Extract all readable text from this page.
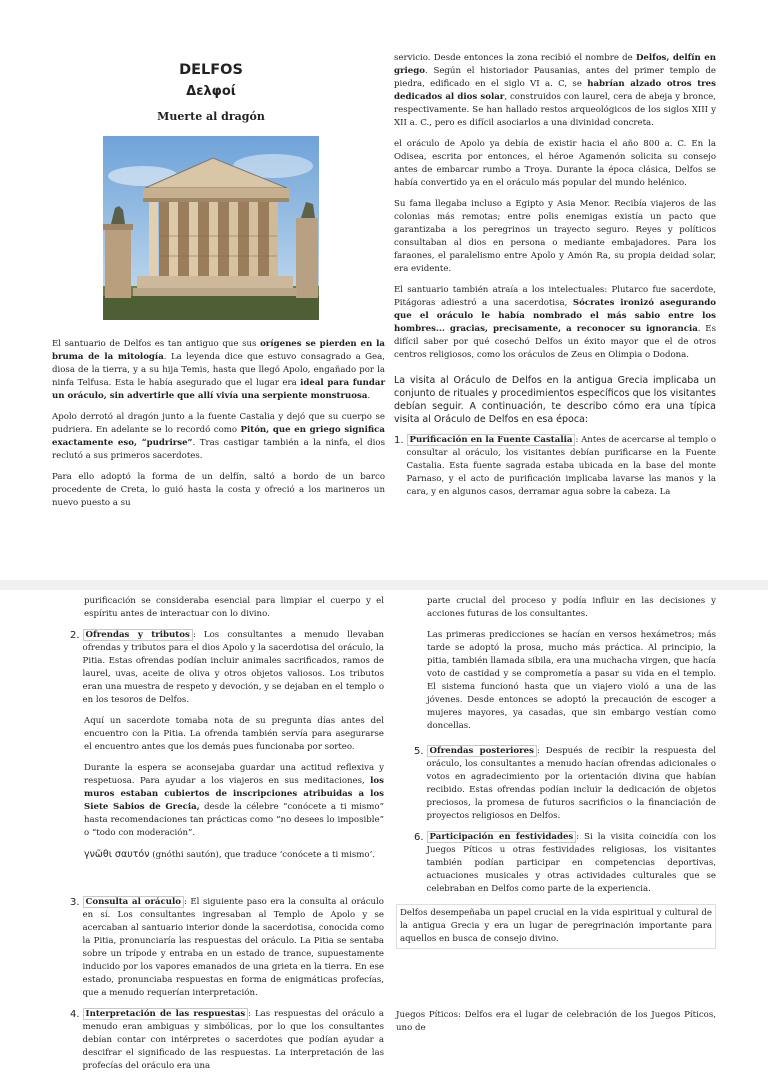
DELFOS
Δελφοί
Muerte al dragón

El santuario de Delfos es tan antiguo que sus orígenes se pierden en la bruma de la mitología. La leyenda dice que estuvo consagrado a Gea, diosa de la tierra, y a su hija Temis, hasta que llegó Apolo, engañado por la ninfa Telfusa. Esta le había asegurado que el lugar era ideal para fundar un oráculo, sin advertirle que allí vivía una serpiente monstruosa.

Apolo derrotó al dragón junto a la fuente Castalia y dejó que su cuerpo se pudriera. En adelante se lo recordó como Pitón, que en griego significa exactamente eso, “pudrirse”. Tras castigar también a la ninfa, el dios reclutó a sus primeros sacerdotes.

Para ello adoptó la forma de un delfín, saltó a bordo de un barco procedente de Creta, lo guió hasta la costa y ofreció a los marineros un nuevo puesto a su

servicio. Desde entonces la zona recibió el nombre de Delfos, delfín en griego. Según el historiador Pausanias, antes del primer templo de piedra, edificado en el siglo VI a. C, se habrían alzado otros tres dedicados al dios solar, construidos con laurel, cera de abeja y bronce, respectivamente. Se han hallado restos arqueológicos de los siglos XIII y XII a. C., pero es difícil asociarlos a una divinidad concreta.

el oráculo de Apolo ya debía de existir hacia el año 800 a. C. En la Odisea, escrita por entonces, el héroe Agamenón solicita su consejo antes de embarcar rumbo a Troya. Durante la época clásica, Delfos se había convertido ya en el oráculo más popular del mundo helénico.

Su fama llegaba incluso a Egipto y Asia Menor. Recibía viajeros de las colonias más remotas; entre polis enemigas existía un pacto que garantizaba a los peregrinos un trayecto seguro. Reyes y políticos consultaban al dios en persona o mediante embajadores. Para los faraones, el paralelismo entre Apolo y Amón Ra, su propia deidad solar, era evidente.

El santuario también atraía a los intelectuales: Plutarco fue sacerdote, Pitágoras adiestró a una sacerdotisa, Sócrates ironizó asegurando que el oráculo le había nombrado el más sabio entre los hombres... gracias, precisamente, a reconocer su ignorancia. Es difícil saber por qué cosechó Delfos un éxito mayor que el de otros centros religiosos, como los oráculos de Zeus en Olimpia o Dodona.

La visita al Oráculo de Delfos en la antigua Grecia implicaba un conjunto de rituales y procedimientos específicos que los visitantes debían seguir. A continuación, te describo cómo era una típica visita al Oráculo de Delfos en esa época:

1. Purificación en la Fuente Castalia : Antes de acercarse al templo o consultar al oráculo, los visitantes debían purificarse en la Fuente Castalia. Esta fuente sagrada estaba ubicada en la base del monte Parnaso, y el acto de purificación implicaba lavarse las manos y la cara, y en algunos casos, derramar agua sobre la cabeza. La

purificación se consideraba esencial para limpiar el cuerpo y el espíritu antes de interactuar con lo divino.

2. Ofrendas y tributos : Los consultantes a menudo llevaban ofrendas y tributos para el dios Apolo y la sacerdotisa del oráculo, la Pitia. Estas ofrendas podían incluir animales sacrificados, ramos de laurel, uvas, aceite de oliva y otros objetos valiosos. Los tributos eran una muestra de respeto y devoción, y se dejaban en el templo o en los tesoros de Delfos.

Aquí un sacerdote tomaba nota de su pregunta días antes del encuentro con la Pitia. La ofrenda también servía para asegurarse el encuentro antes que los demás pues funcionaba por sorteo.

Durante la espera se aconsejaba guardar una actitud reflexiva y respetuosa. Para ayudar a los viajeros en sus meditaciones, los muros estaban cubiertos de inscripciones atribuidas a los Siete Sabios de Grecia, desde la célebre “conócete a ti mismo” hasta recomendaciones tan prácticas como “no desees lo imposible” o “todo con moderación”.

γνῶθι σαυτόν (gnóthi sautón), que traduce ‘conócete a ti mismo’.

3. Consulta al oráculo : El siguiente paso era la consulta al oráculo en sí. Los consultantes ingresaban al Templo de Apolo y se acercaban al santuario interior donde la sacerdotisa, conocida como la Pitia, pronunciaría las respuestas del oráculo. La Pitia se sentaba sobre un trípode y entraba en un estado de trance, supuestamente inducido por los vapores emanados de una grieta en la tierra. En ese estado, pronunciaba respuestas en forma de enigmáticas profecías, que a menudo requerían interpretación.
4. Interpretación de las respuestas : Las respuestas del oráculo a menudo eran ambiguas y simbólicas, por lo que los consultantes debían contar con intérpretes o sacerdotes que podían ayudar a descifrar el significado de las respuestas. La interpretación de las profecías del oráculo era una

parte crucial del proceso y podía influir en las decisiones y acciones futuras de los consultantes.

Las primeras predicciones se hacían en versos hexámetros; más tarde se adoptó la prosa, mucho más práctica. Al principio, la pitia, también llamada sibila, era una muchacha virgen, que hacía voto de castidad y se comprometía a pasar su vida en el templo. El sistema funcionó hasta que un viajero violó a una de las jóvenes. Desde entonces se adoptó la precaución de escoger a mujeres mayores, ya casadas, que sin embargo vestían como doncellas.

5. Ofrendas posteriores : Después de recibir la respuesta del oráculo, los consultantes a menudo hacían ofrendas adicionales o votos en agradecimiento por la orientación divina que habían recibido. Estas ofrendas podían incluir la dedicación de objetos preciosos, la promesa de futuros sacrificios o la financiación de proyectos religiosos en Delfos.
6. Participación en festividades : Si la visita coincidía con los Juegos Píticos u otras festividades religiosas, los visitantes también podían participar en competencias deportivas, actuaciones musicales y otras actividades culturales que se celebraban en Delfos como parte de la experiencia.

Delfos desempeñaba un papel crucial en la vida espiritual y cultural de la antigua Grecia y era un lugar de peregrinación importante para aquellos en busca de consejo divino.

Juegos Píticos: Delfos era el lugar de celebración de los Juegos Píticos, uno de
